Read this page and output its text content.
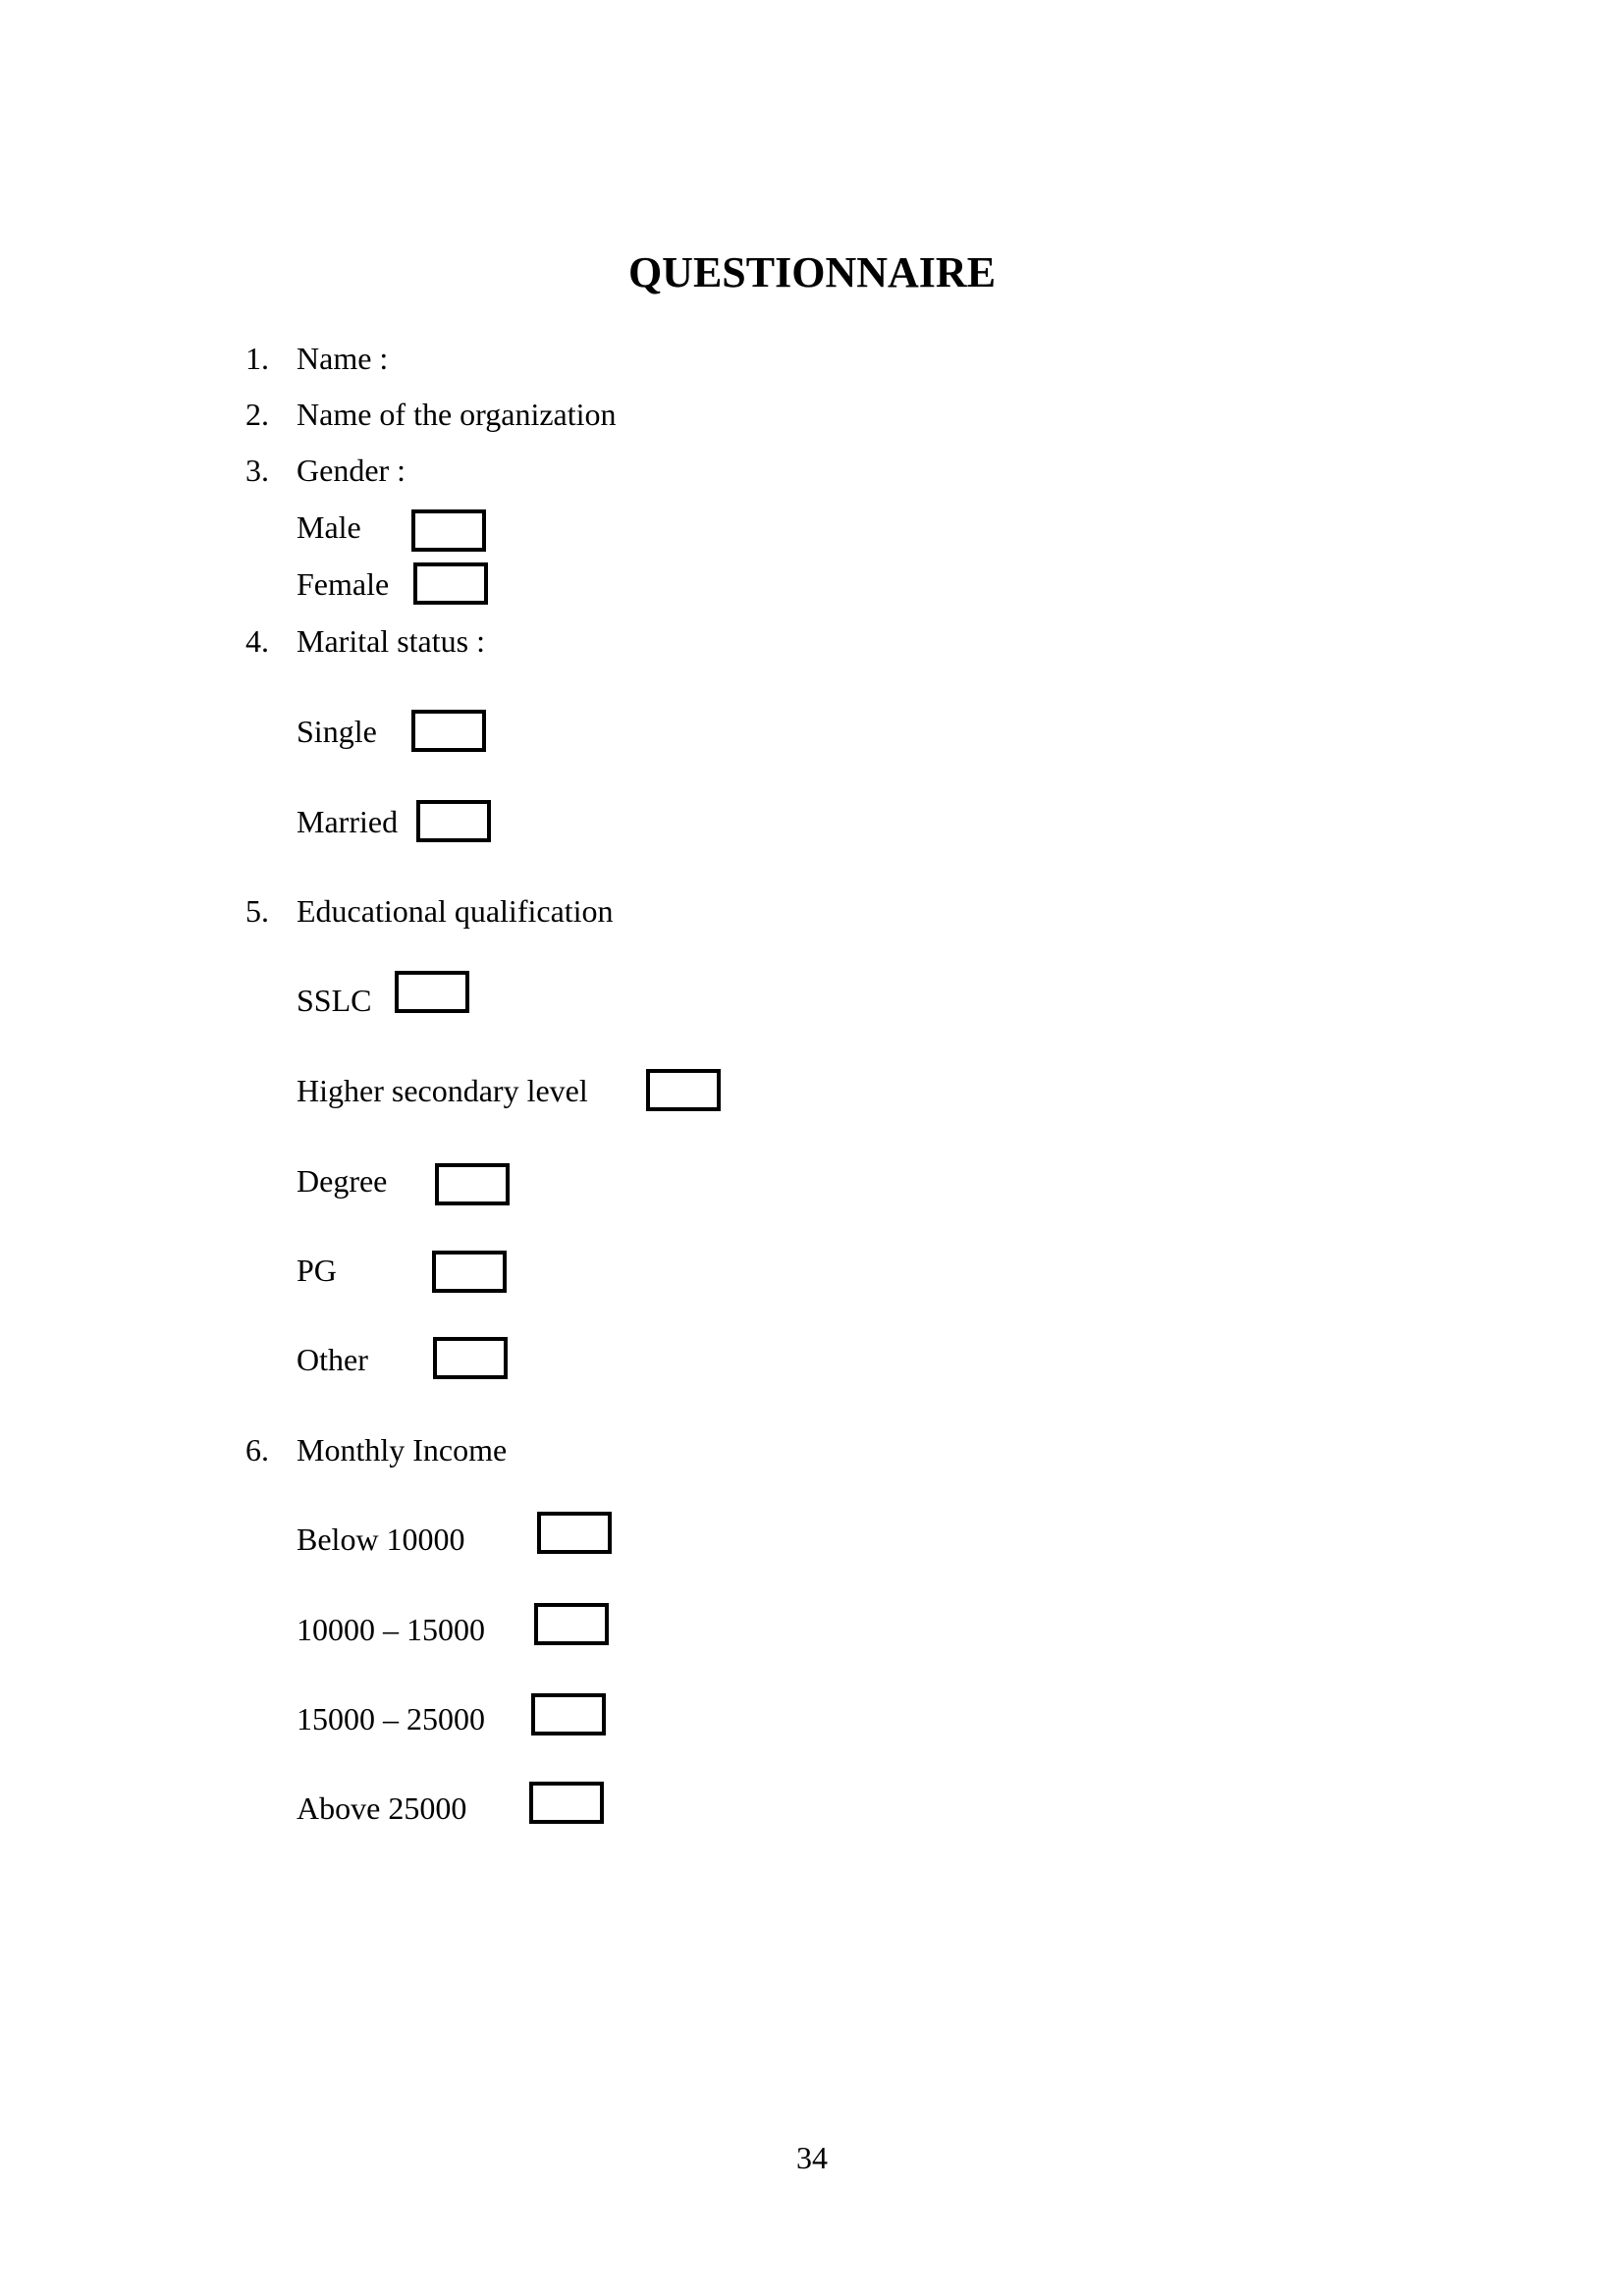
QUESTIONNAIRE
1. Name :
2. Name of the organization
3. Gender :
Male
Female
4. Marital status :
Single
Married
5. Educational qualification
SSLC
Higher secondary level
Degree
PG
Other
6. Monthly Income
Below 10000
10000 – 15000
15000 – 25000
Above 25000
34
